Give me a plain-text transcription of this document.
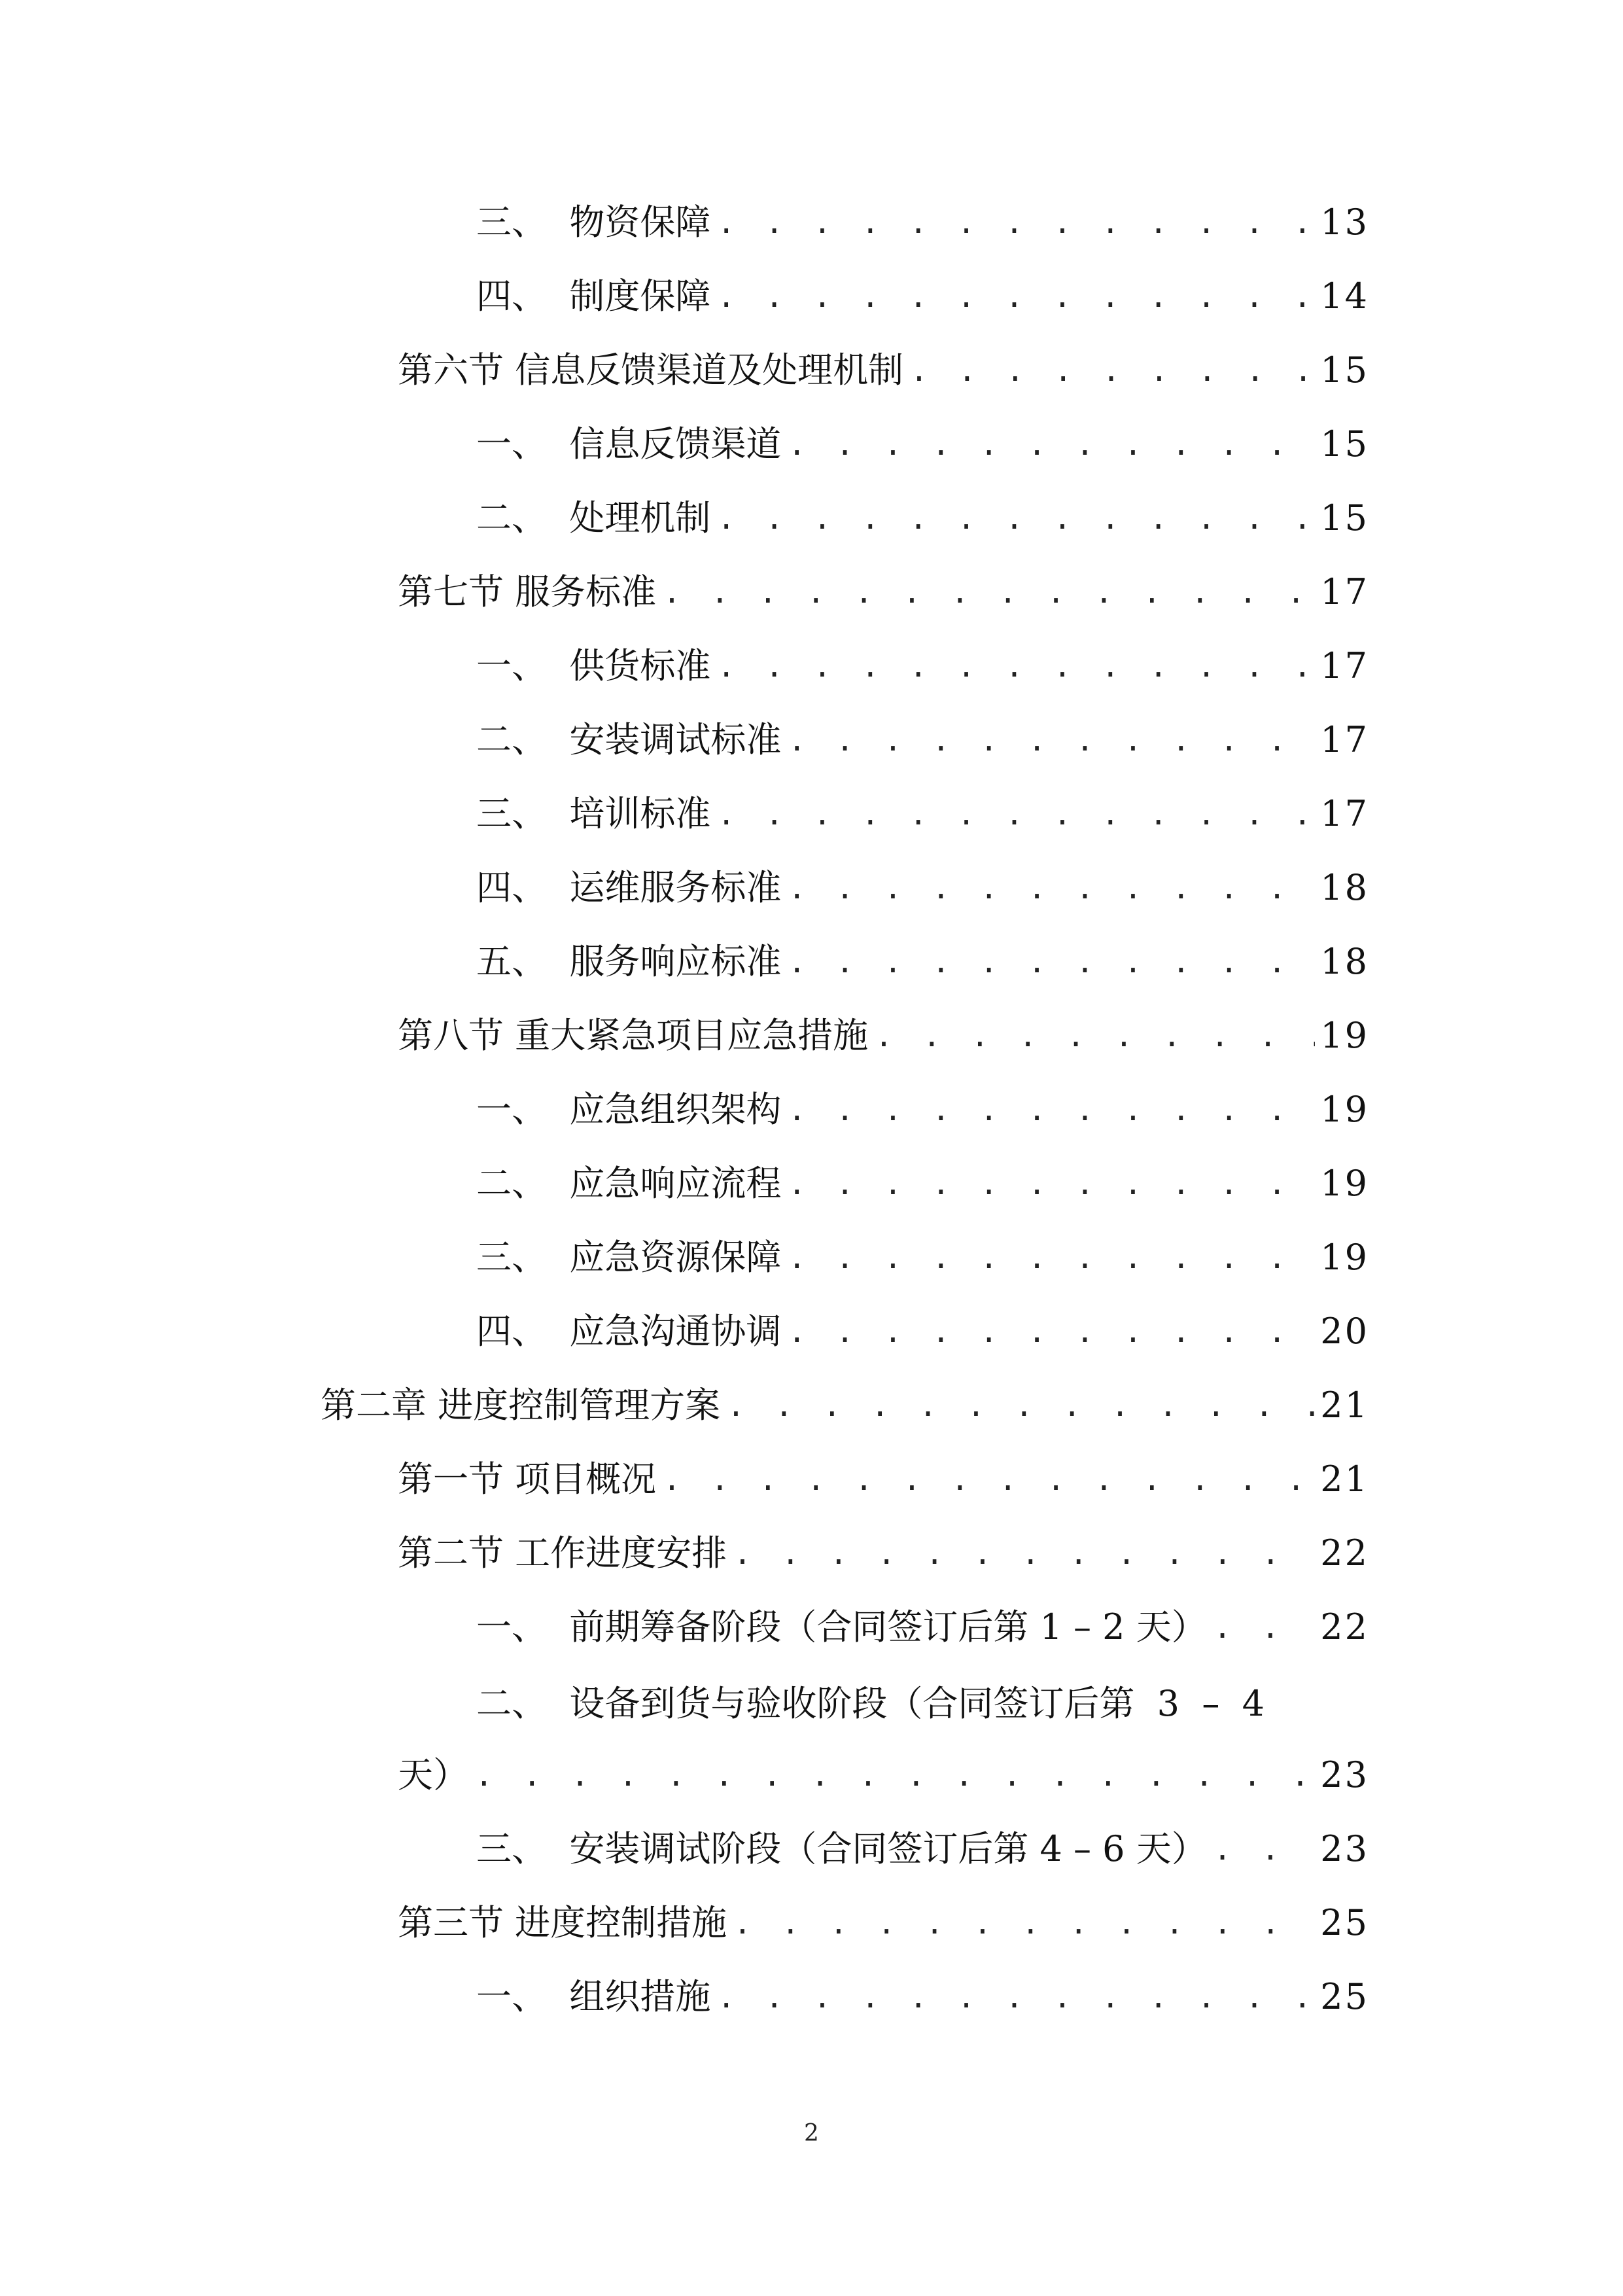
三、  物资保障 . . .	13
四、  制度保障 . . .	14
第六节 信息反馈渠道及处理机制 . . .	15
一、  信息反馈渠道 . . .	15
二、  处理机制 . . .	15
第七节 服务标准 . . .	17
一、  供货标准 . . .	17
二、  安装调试标准 . . .	17
三、  培训标准 . . .	17
四、  运维服务标准 . . .	18
五、  服务响应标准 . . .	18
第八节 重大紧急项目应急措施 . . .	19
一、  应急组织架构 . . .	19
二、  应急响应流程 . . .	19
三、  应急资源保障 . . .	19
四、  应急沟通协调 . . .	20
第二章 进度控制管理方案 . . .	21
第一节 项目概况 . . .	21
第二节 工作进度安排 . . .	22
一、  前期筹备阶段（合同签订后第 1 – 2 天） . . .	22
二、  设备到货与验收阶段（合同签订后第  3  –  4
天） . . .	23
三、  安装调试阶段（合同签订后第 4 – 6 天） . . .	23
第三节 进度控制措施 . . .	25
一、  组织措施 . . .	25
2
